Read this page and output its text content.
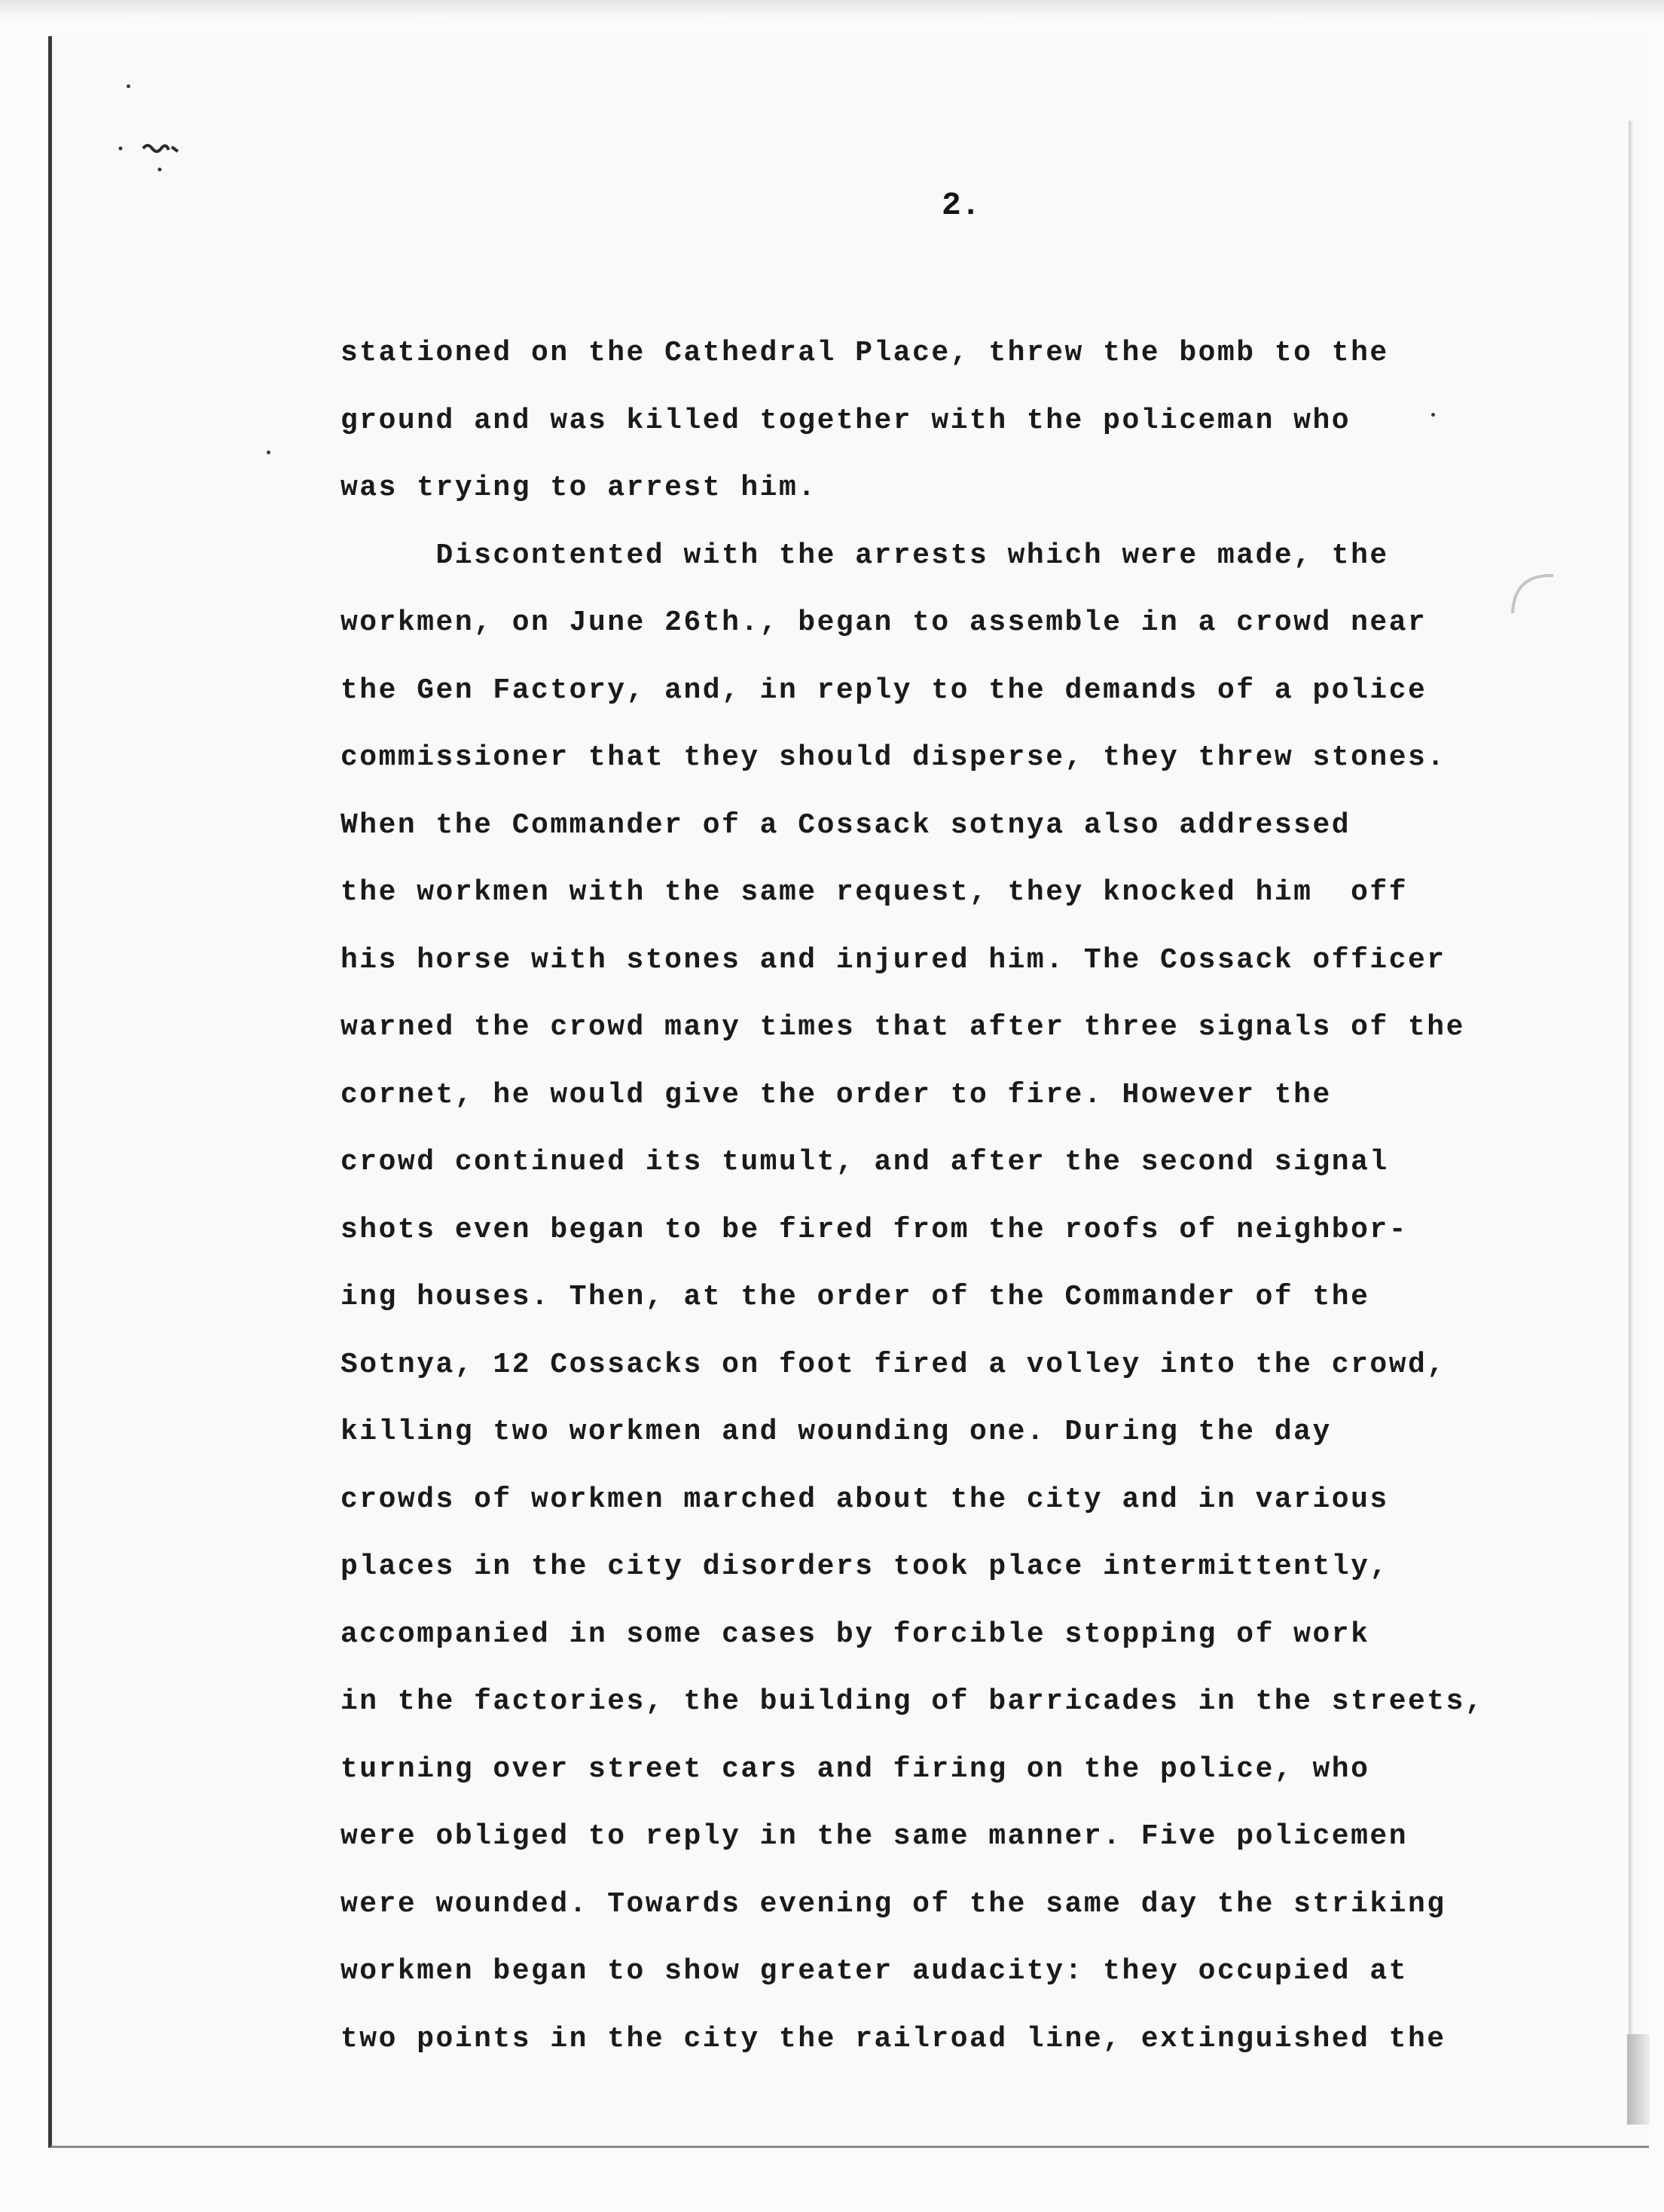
2.
stationed on the Cathedral Place, threw the bomb to the
ground and was killed together with the policeman who
was trying to arrest him.
Discontented with the arrests which were made, the
workmen, on June 26th., began to assemble in a crowd near
the Gen Factory, and, in reply to the demands of a police
commissioner that they should disperse, they threw stones.
When the Commander of a Cossack sotnya also addressed
the workmen with the same request, they knocked him  off
his horse with stones and injured him. The Cossack officer
warned the crowd many times that after three signals of the
cornet, he would give the order to fire. However the
crowd continued its tumult, and after the second signal
shots even began to be fired from the roofs of neighbor-
ing houses. Then, at the order of the Commander of the
Sotnya, 12 Cossacks on foot fired a volley into the crowd,
killing two workmen and wounding one. During the day
crowds of workmen marched about the city and in various
places in the city disorders took place intermittently,
accompanied in some cases by forcible stopping of work
in the factories, the building of barricades in the streets,
turning over street cars and firing on the police, who
were obliged to reply in the same manner. Five policemen
were wounded. Towards evening of the same day the striking
workmen began to show greater audacity: they occupied at
two points in the city the railroad line, extinguished the
